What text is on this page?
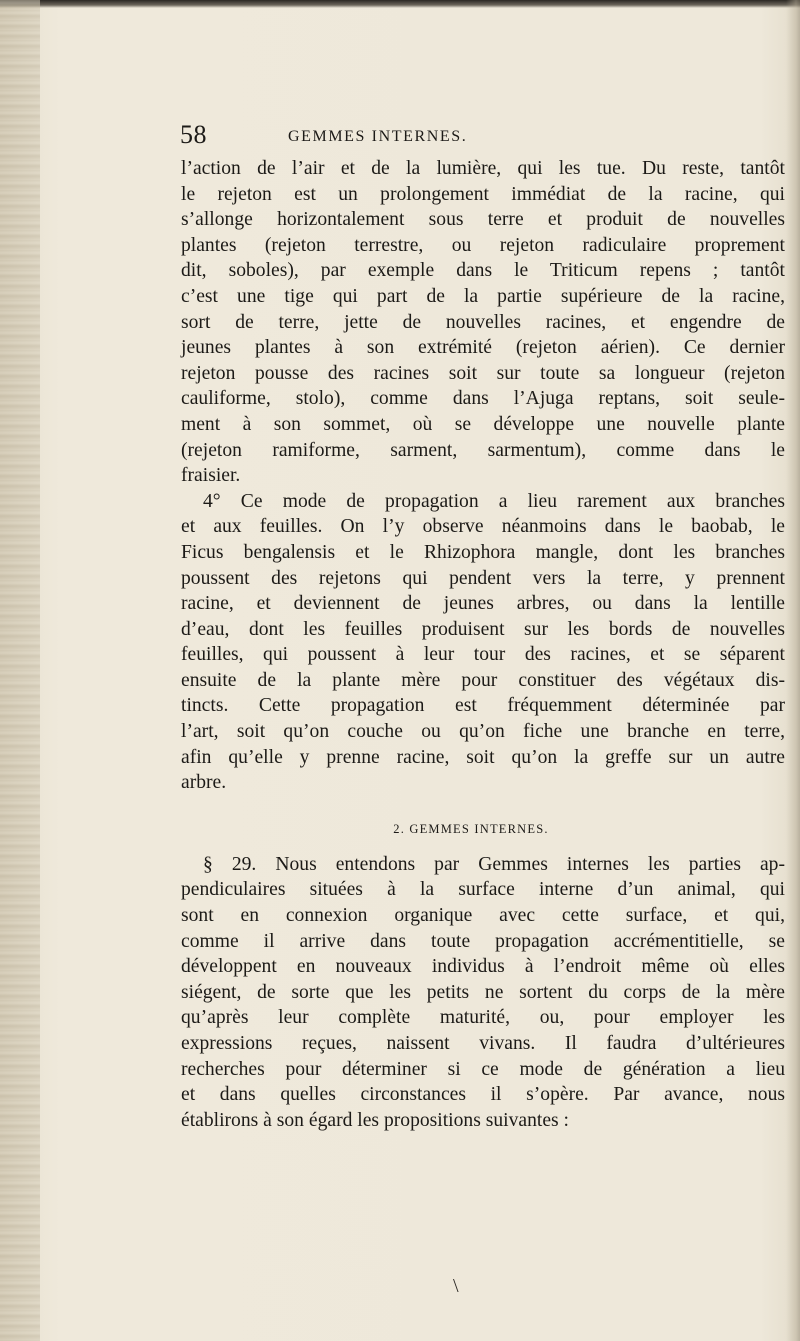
58	GEMMES INTERNES.
l’action de l’air et de la lumière, qui les tue. Du reste, tantôt
le rejeton est un prolongement immédiat de la racine, qui
s’allonge horizontalement sous terre et produit de nouvelles
plantes (rejeton terrestre, ou rejeton radiculaire proprement
dit, soboles), par exemple dans le Triticum repens ; tantôt
c’est une tige qui part de la partie supérieure de la racine,
sort de terre, jette de nouvelles racines, et engendre de
jeunes plantes à son extrémité (rejeton aérien). Ce dernier
rejeton pousse des racines soit sur toute sa longueur (rejeton
cauliforme, stolo), comme dans l’Ajuga reptans, soit seule-
ment à son sommet, où se développe une nouvelle plante
(rejeton ramiforme, sarment, sarmentum), comme dans le
fraisier.
4° Ce mode de propagation a lieu rarement aux branches
et aux feuilles. On l’y observe néanmoins dans le baobab, le
Ficus bengalensis et le Rhizophora mangle, dont les branches
poussent des rejetons qui pendent vers la terre, y prennent
racine, et deviennent de jeunes arbres, ou dans la lentille
d’eau, dont les feuilles produisent sur les bords de nouvelles
feuilles, qui poussent à leur tour des racines, et se séparent
ensuite de la plante mère pour constituer des végétaux dis-
tincts. Cette propagation est fréquemment déterminée par
l’art, soit qu’on couche ou qu’on fiche une branche en terre,
afin qu’elle y prenne racine, soit qu’on la greffe sur un autre
arbre.
2. GEMMES INTERNES.
§ 29. Nous entendons par Gemmes internes les parties ap-
pendiculaires situées à la surface interne d’un animal, qui
sont en connexion organique avec cette surface, et qui,
comme il arrive dans toute propagation accrémentitielle, se
développent en nouveaux individus à l’endroit même où elles
siégent, de sorte que les petits ne sortent du corps de la mère
qu’après leur complète maturité, ou, pour employer les
expressions reçues, naissent vivans. Il faudra d’ultérieures
recherches pour déterminer si ce mode de génération a lieu
et dans quelles circonstances il s’opère. Par avance, nous
établirons à son égard les propositions suivantes :
\
